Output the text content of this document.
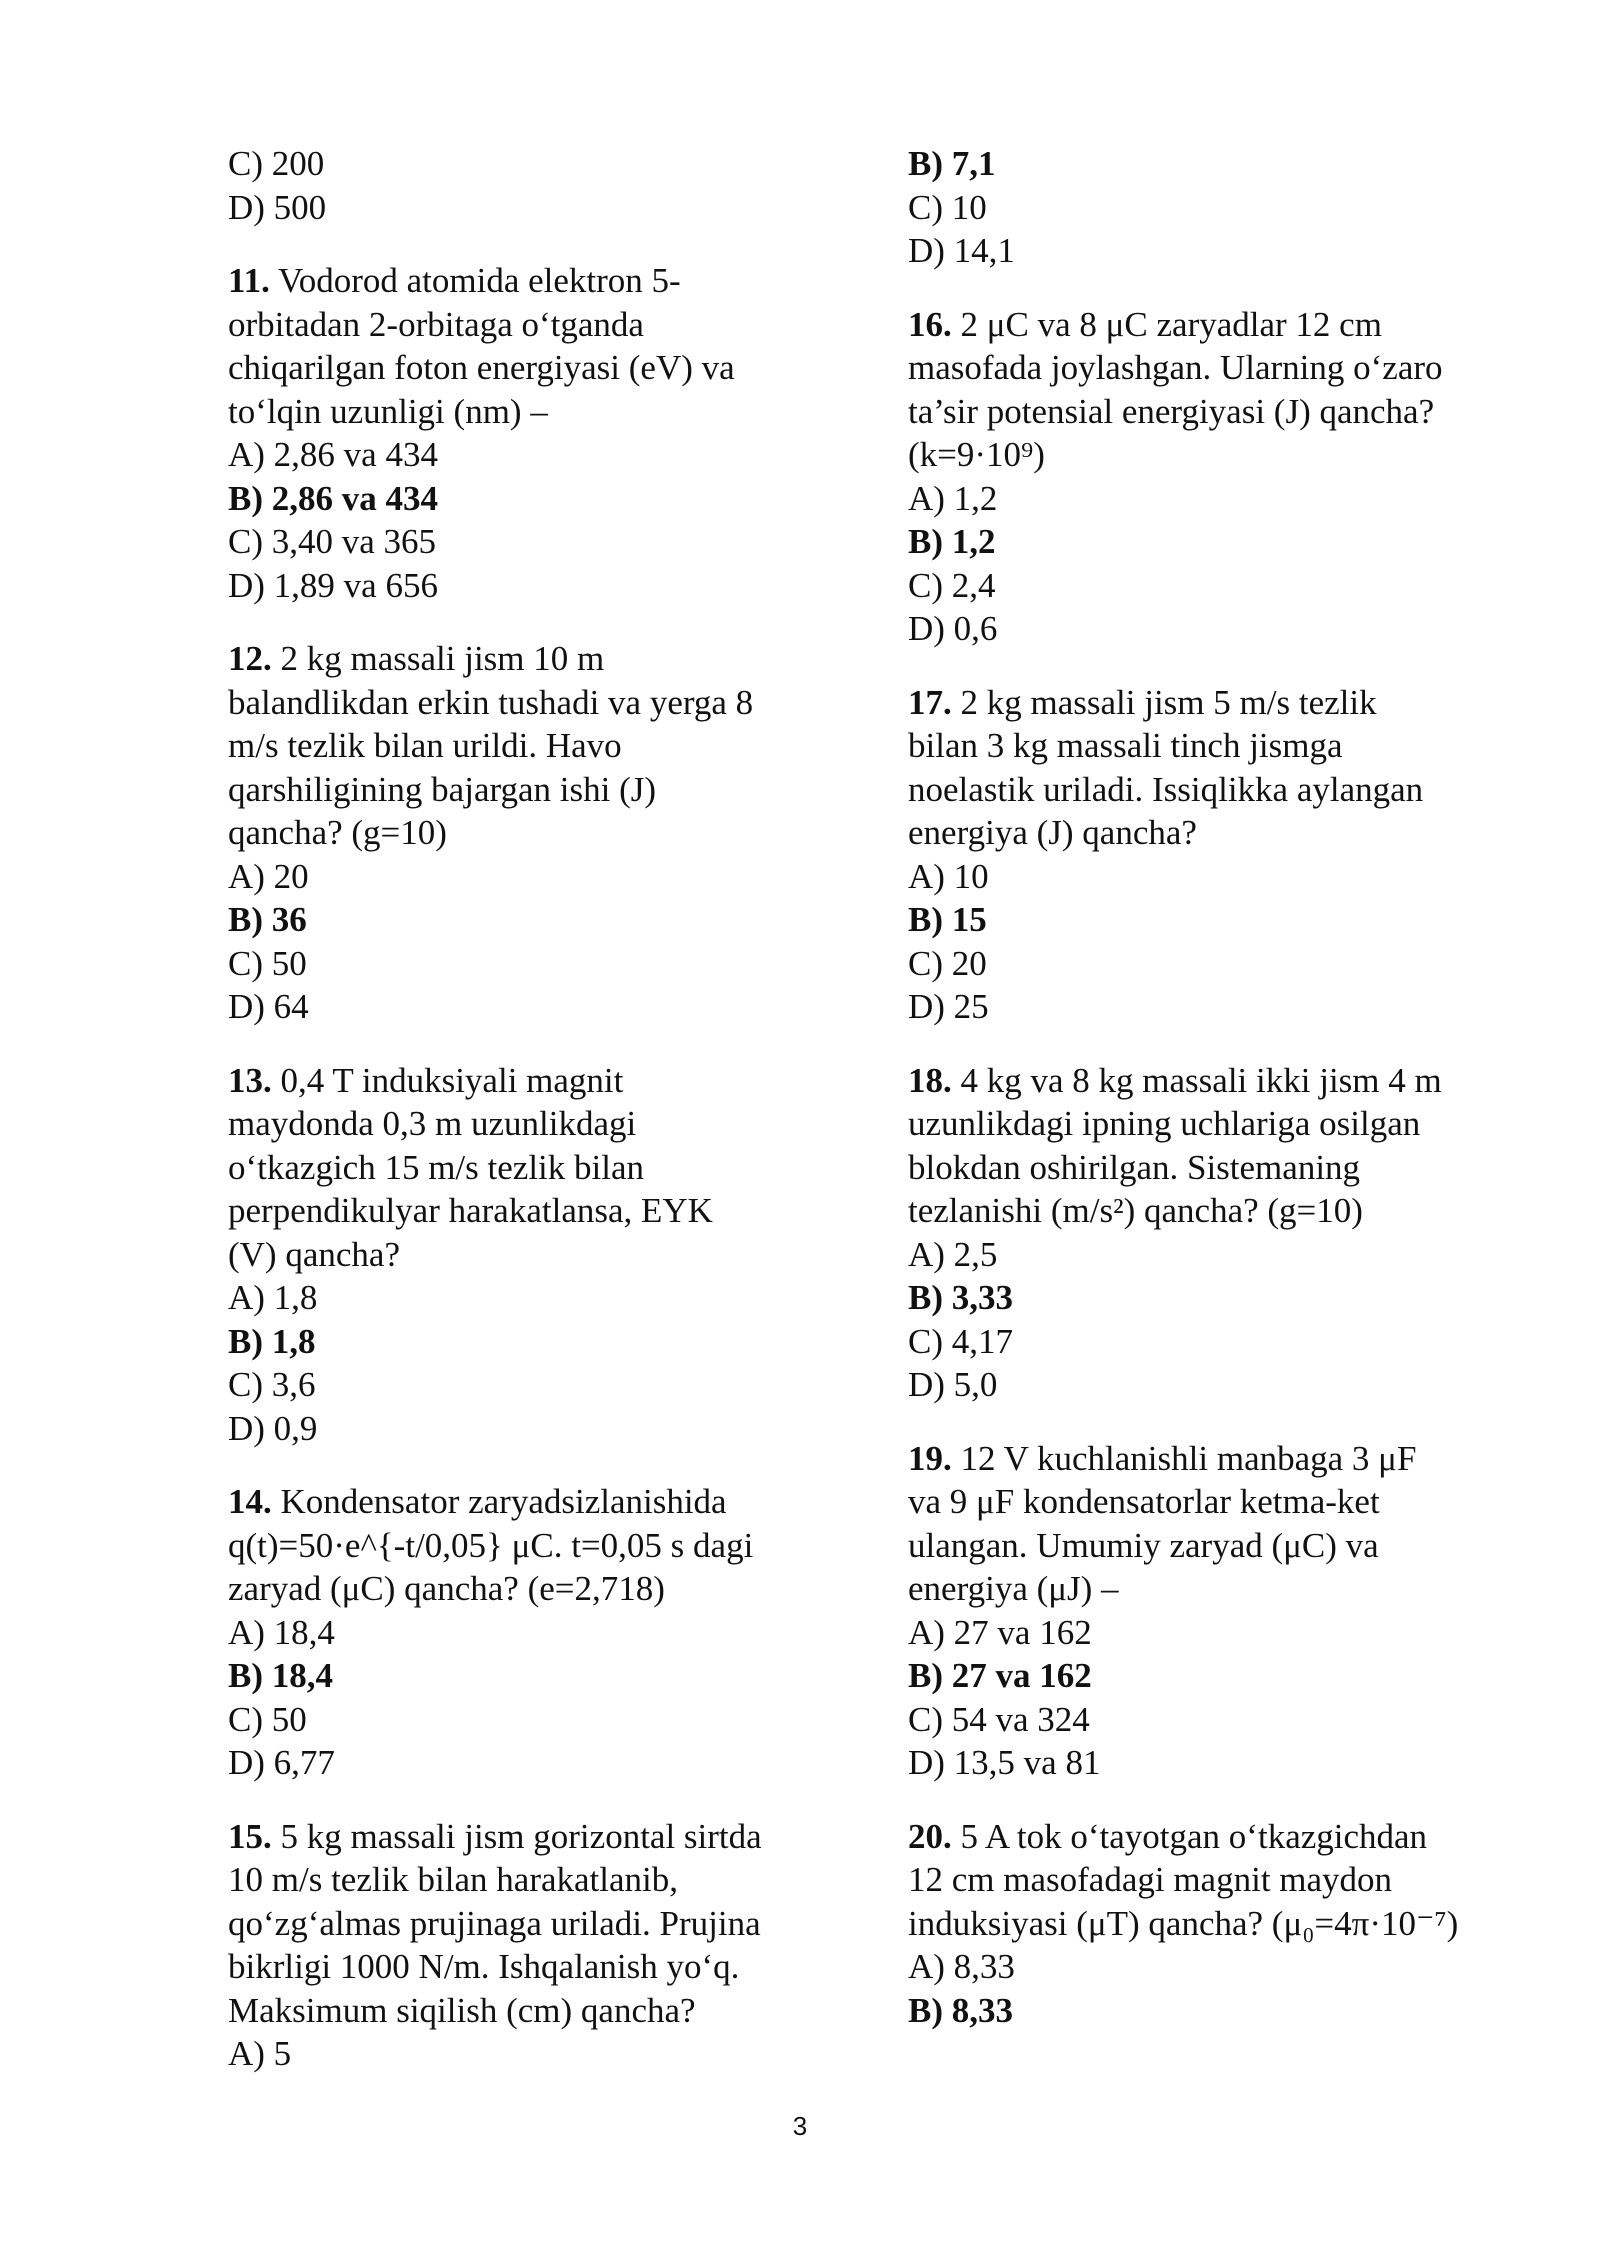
C) 200
D) 500
11. Vodorod atomida elektron 5-
orbitadan 2-orbitaga o‘tganda
chiqarilgan foton energiyasi (eV) va
to‘lqin uzunligi (nm) –
A) 2,86 va 434
B) 2,86 va 434
C) 3,40 va 365
D) 1,89 va 656
12. 2 kg massali jism 10 m
balandlikdan erkin tushadi va yerga 8
m/s tezlik bilan urildi. Havo
qarshiligining bajargan ishi (J)
qancha? (g=10)
A) 20
B) 36
C) 50
D) 64
13. 0,4 T induksiyali magnit
maydonda 0,3 m uzunlikdagi
o‘tkazgich 15 m/s tezlik bilan
perpendikulyar harakatlansa, EYK
(V) qancha?
A) 1,8
B) 1,8
C) 3,6
D) 0,9
14. Kondensator zaryadsizlanishida
q(t)=50·e^{-t/0,05} μC. t=0,05 s dagi
zaryad (μC) qancha? (e=2,718)
A) 18,4
B) 18,4
C) 50
D) 6,77
15. 5 kg massali jism gorizontal sirtda
10 m/s tezlik bilan harakatlanib,
qo‘zg‘almas prujinaga uriladi. Prujina
bikrligi 1000 N/m. Ishqalanish yo‘q.
Maksimum siqilish (cm) qancha?
A) 5
B) 7,1
C) 10
D) 14,1
16. 2 μC va 8 μC zaryadlar 12 cm
masofada joylashgan. Ularning o‘zaro
ta’sir potensial energiyasi (J) qancha?
(k=9·10⁹)
A) 1,2
B) 1,2
C) 2,4
D) 0,6
17. 2 kg massali jism 5 m/s tezlik
bilan 3 kg massali tinch jismga
noelastik uriladi. Issiqlikka aylangan
energiya (J) qancha?
A) 10
B) 15
C) 20
D) 25
18. 4 kg va 8 kg massali ikki jism 4 m
uzunlikdagi ipning uchlariga osilgan
blokdan oshirilgan. Sistemaning
tezlanishi (m/s²) qancha? (g=10)
A) 2,5
B) 3,33
C) 4,17
D) 5,0
19. 12 V kuchlanishli manbaga 3 μF
va 9 μF kondensatorlar ketma-ket
ulangan. Umumiy zaryad (μC) va
energiya (μJ) –
A) 27 va 162
B) 27 va 162
C) 54 va 324
D) 13,5 va 81
20. 5 A tok o‘tayotgan o‘tkazgichdan
12 cm masofadagi magnit maydon
induksiyasi (μT) qancha? (μ₀=4π·10⁻⁷)
A) 8,33
B) 8,33
3
